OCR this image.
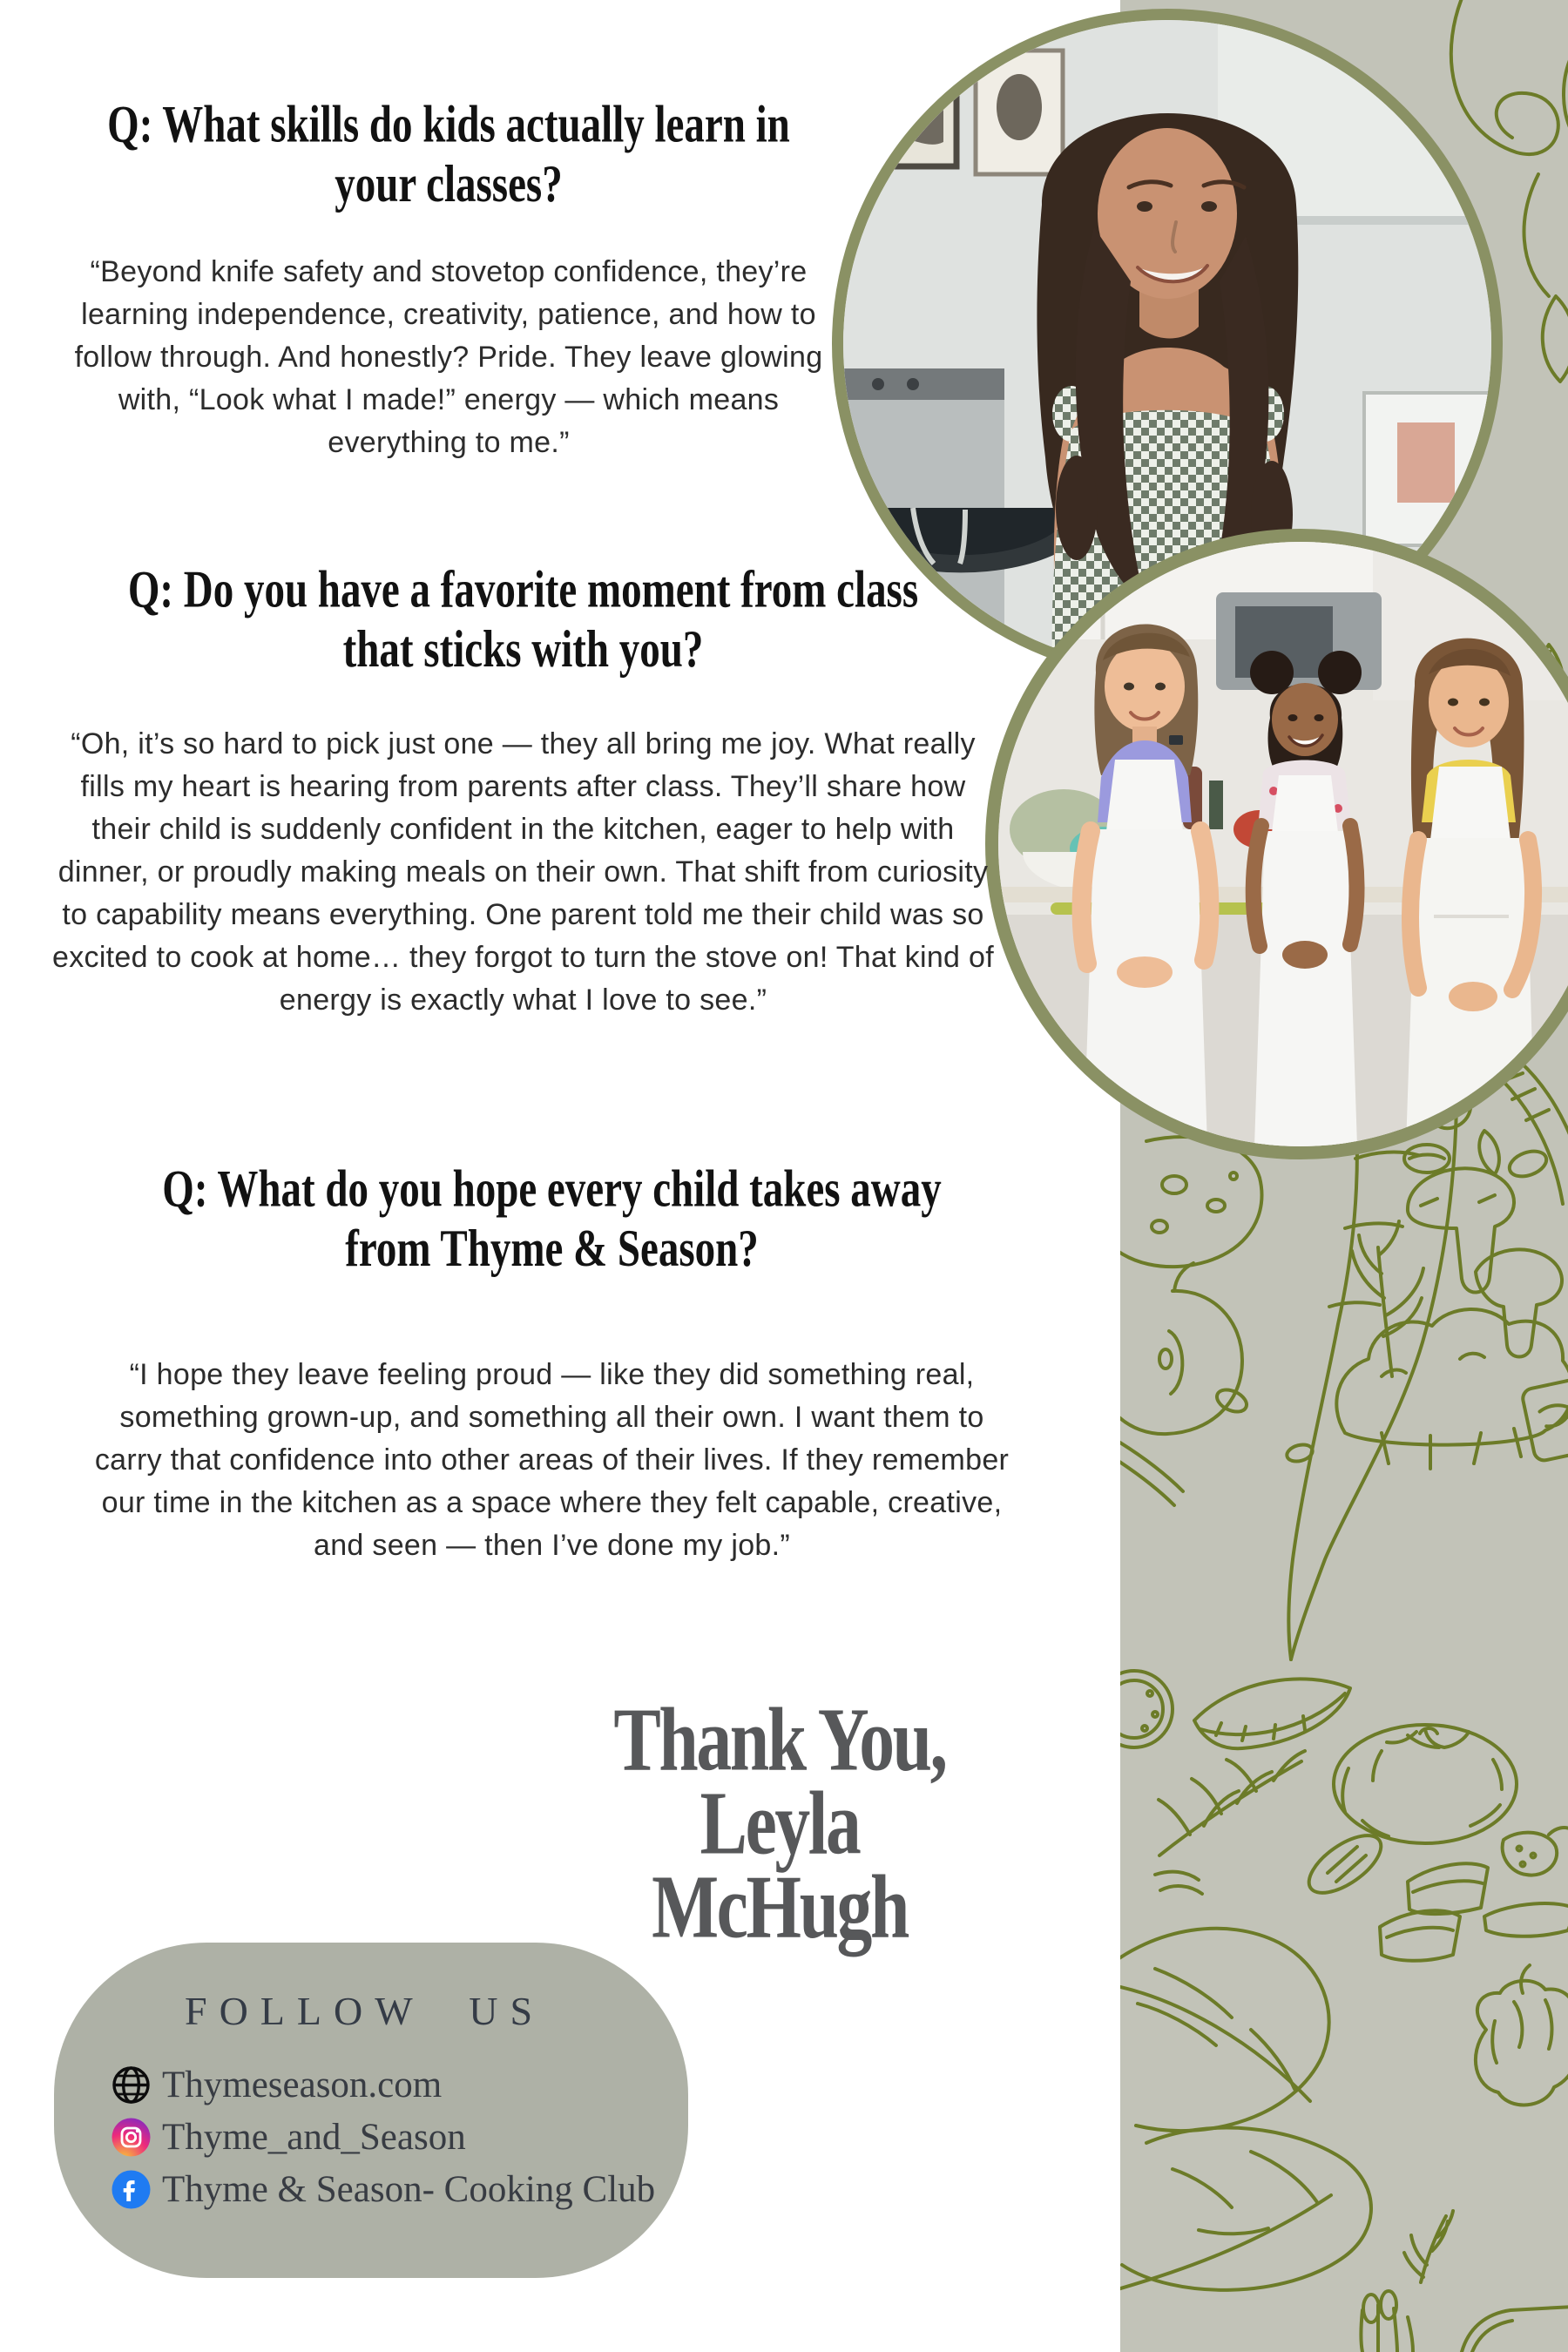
Q: What skills do kids actually learn in your classes?

“Beyond knife safety and stovetop confidence, they’re learning independence, creativity, patience, and how to follow through. And honestly? Pride. They leave glowing with, “Look what I made!” energy — which means everything to me.”

Q: Do you have a favorite moment from class that sticks with you?

“Oh, it’s so hard to pick just one — they all bring me joy. What really fills my heart is hearing from parents after class. They’ll share how their child is suddenly confident in the kitchen, eager to help with dinner, or proudly making meals on their own. That shift from curiosity to capability means everything. One parent told me their child was so excited to cook at home… they forgot to turn the stove on! That kind of energy is exactly what I love to see.”

Q: What do you hope every child takes away from Thyme & Season?

“I hope they leave feeling proud — like they did something real, something grown-up, and something all their own. I want them to carry that confidence into other areas of their lives. If they remember our time in the kitchen as a space where they felt capable, creative, and seen — then I’ve done my job.”

Thank You,
Leyla McHugh
FOLLOW US
Thymeseason.com
Thyme_and_Season
Thyme & Season- Cooking Club
